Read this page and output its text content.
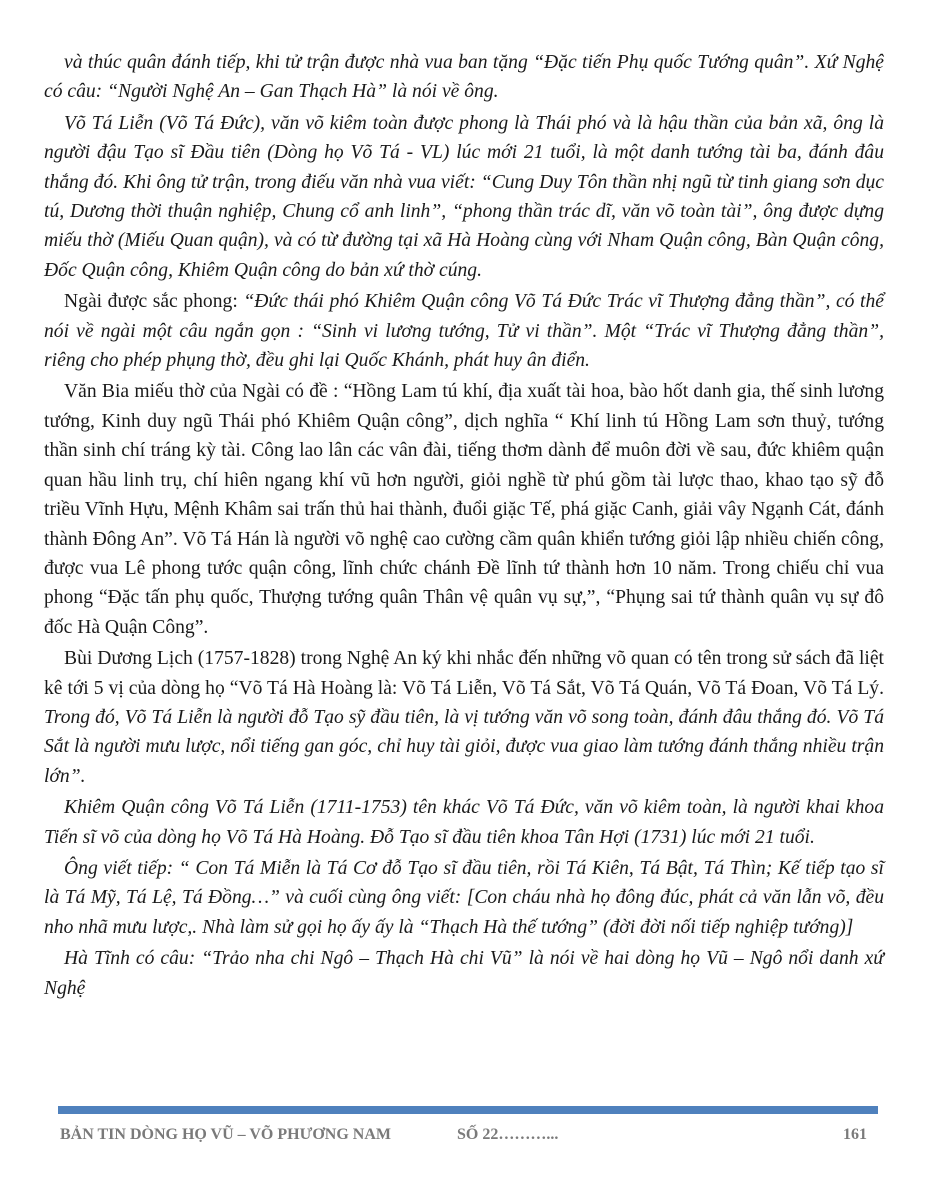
và thúc quân đánh tiếp, khi tử trận được nhà vua ban tặng “Đặc tiến Phụ quốc Tướng quân”. Xứ Nghệ có câu: “Người Nghệ An – Gan Thạch Hà” là nói về ông.

Võ Tá Liễn (Võ Tá Đức), văn võ kiêm toàn được phong là Thái phó và là hậu thần của bản xã, ông là người đậu Tạo sĩ Đầu tiên (Dòng họ Võ Tá - VL) lúc mới 21 tuổi, là một danh tướng tài ba, đánh đâu thắng đó. Khi ông tử trận, trong điếu văn nhà vua viết: “Cung Duy Tôn thần nhị ngũ từ tinh giang sơn dục tú, Dương thời thuận nghiệp, Chung cổ anh linh”, “phong thần trác dĩ, văn võ toàn tài”, ông được dựng miếu thờ (Miếu Quan quận), và có từ đường tại xã Hà Hoàng cùng với Nham Quận công, Bàn Quận công, Đốc Quận công, Khiêm Quận công do bản xứ thờ cúng.

Ngài được sắc phong: “Đức thái phó Khiêm Quận công Võ Tá Đức Trác vĩ Thượng đẳng thần”, có thể nói về ngài một câu ngắn gọn : “Sinh vi lương tướng, Tử vi thần”. Một “Trác vĩ Thượng đẳng thần”, riêng cho phép phụng thờ, đều ghi lại Quốc Khánh, phát huy ân điển.

Văn Bia miếu thờ của Ngài có đề : “Hồng Lam tú khí, địa xuất tài hoa, bào hốt danh gia, thế sinh lương tướng, Kinh duy ngũ Thái phó Khiêm Quận công”, dịch nghĩa “ Khí linh tú Hồng Lam sơn thuỷ, tướng thần sinh chí tráng kỳ tài. Công lao lân các vân đài, tiếng thơm dành để muôn đời về sau, đức khiêm quận quan hầu linh trụ, chí hiên ngang khí vũ hơn người, giỏi nghề từ phú gồm tài lược thao, khao tạo sỹ đỗ triều Vĩnh Hựu, Mệnh Khâm sai trấn thủ hai thành, đuổi giặc Tế, phá giặc Canh, giải vây Ngạnh Cát, đánh thành Đông An”. Võ Tá Hán là người võ nghệ cao cường cầm quân khiển tướng giỏi lập nhiều chiến công, được vua Lê phong tước quận công, lĩnh chức chánh Đề lĩnh tứ thành hơn 10 năm. Trong chiếu chỉ vua phong “Đặc tấn phụ quốc, Thượng tướng quân Thân vệ quân vụ sự,”, “Phụng sai tứ thành quân vụ sự đô đốc Hà Quận Công”.

Bùi Dương Lịch (1757-1828) trong Nghệ An ký khi nhắc đến những võ quan có tên trong sử sách đã liệt kê tới 5 vị của dòng họ “Võ Tá Hà Hoàng là: Võ Tá Liễn, Võ Tá Sắt, Võ Tá Quán, Võ Tá Đoan, Võ Tá Lý. Trong đó, Võ Tá Liễn là người đỗ Tạo sỹ đầu tiên, là vị tướng văn võ song toàn, đánh đâu thắng đó. Võ Tá Sắt là người mưu lược, nổi tiếng gan góc, chỉ huy tài giỏi, được vua giao làm tướng đánh thắng nhiều trận lớn”.

Khiêm Quận công Võ Tá Liễn (1711-1753) tên khác Võ Tá Đức, văn võ kiêm toàn, là người khai khoa Tiến sĩ võ của dòng họ Võ Tá Hà Hoàng. Đỗ Tạo sĩ đầu tiên khoa Tân Hợi (1731) lúc mới 21 tuổi.

Ông viết tiếp: “ Con Tá Miễn là Tá Cơ đỗ Tạo sĩ đầu tiên, rồi Tá Kiên, Tá Bật, Tá Thìn; Kế tiếp tạo sĩ là Tá Mỹ, Tá Lệ, Tá Đồng…” và cuối cùng ông viết: [Con cháu nhà họ đông đúc, phát cả văn lẫn võ, đều nho nhã mưu lược,. Nhà làm sử gọi họ ấy ấy là “Thạch Hà thế tướng” (đời đời nối tiếp nghiệp tướng)]

Hà Tĩnh có câu: “Trảo nha chi Ngô – Thạch Hà chi Vũ” là nói về hai dòng họ Vũ – Ngô nổi danh xứ Nghệ

BẢN TIN DÒNG HỌ VŨ – VÕ PHƯƠNG NAM	SỐ 22………...	161
